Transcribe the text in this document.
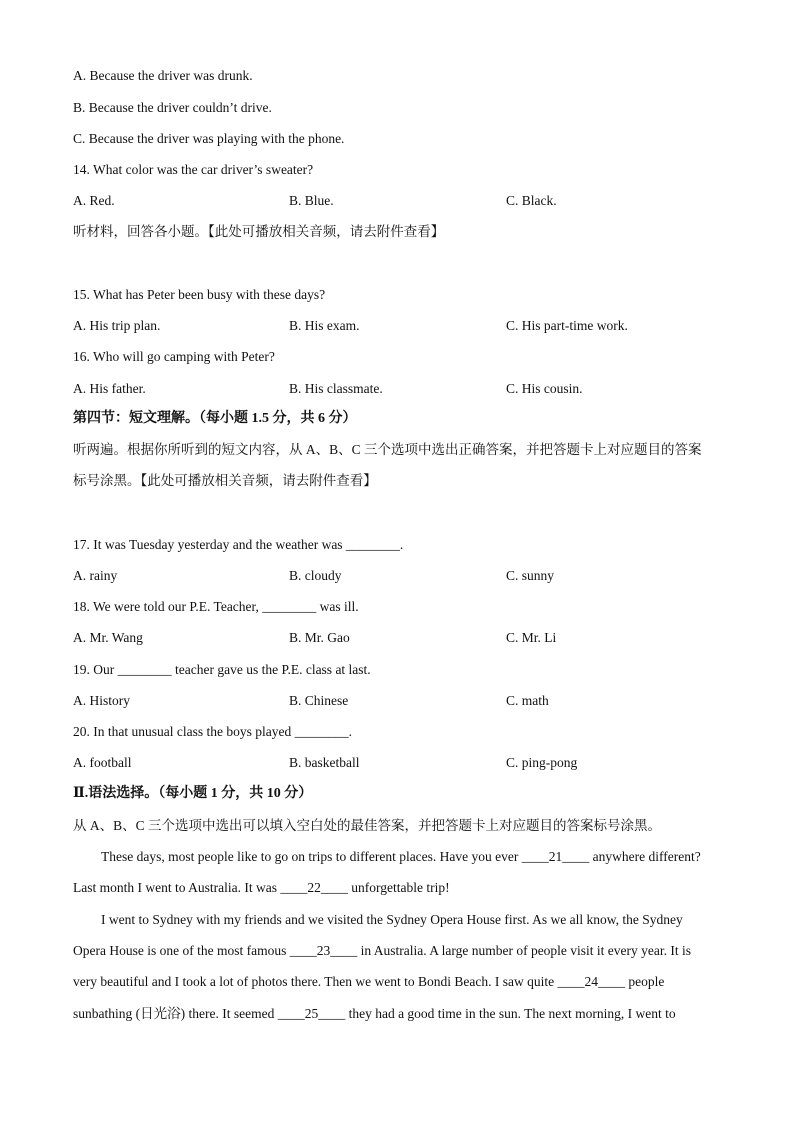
A. Because the driver was drunk.
B. Because the driver couldn’t drive.
C. Because the driver was playing with the phone.
14. What color was the car driver’s sweater?
A. Red.	B. Blue.	C. Black.
听材料，回答各小题。【此处可播放相关音频，请去附件查看】
15. What has Peter been busy with these days?
A. His trip plan.	B. His exam.	C. His part-time work.
16. Who will go camping with Peter?
A. His father.	B. His classmate.	C. His cousin.
第四节：短文理解。（每小题 1.5 分，共 6 分）
听两遍。根据你所听到的短文内容，从 A、B、C 三个选项中选出正确答案，并把答题卡上对应题目的答案
标号涂黑。【此处可播放相关音频，请去附件查看】
17. It was Tuesday yesterday and the weather was ________.
A. rainy	B. cloudy	C. sunny
18. We were told our P.E. Teacher, ________ was ill.
A. Mr. Wang	B. Mr. Gao	C. Mr. Li
19. Our ________ teacher gave us the P.E. class at last.
A. History	B. Chinese	C. math
20. In that unusual class the boys played ________.
A. football	B. basketball	C. ping-pong
Ⅱ.语法选择。（每小题 1 分，共 10 分）
从 A、B、C 三个选项中选出可以填入空白处的最佳答案，并把答题卡上对应题目的答案标号涂黑。
These days, most people like to go on trips to different places. Have you ever ____21____ anywhere different?
Last month I went to Australia. It was ____22____ unforgettable trip!
I went to Sydney with my friends and we visited the Sydney Opera House first. As we all know, the Sydney
Opera House is one of the most famous ____23____ in Australia. A large number of people visit it every year. It is
very beautiful and I took a lot of photos there. Then we went to Bondi Beach. I saw quite ____24____ people
sunbathing (日光浴) there. It seemed ____25____ they had a good time in the sun. The next morning, I went to
